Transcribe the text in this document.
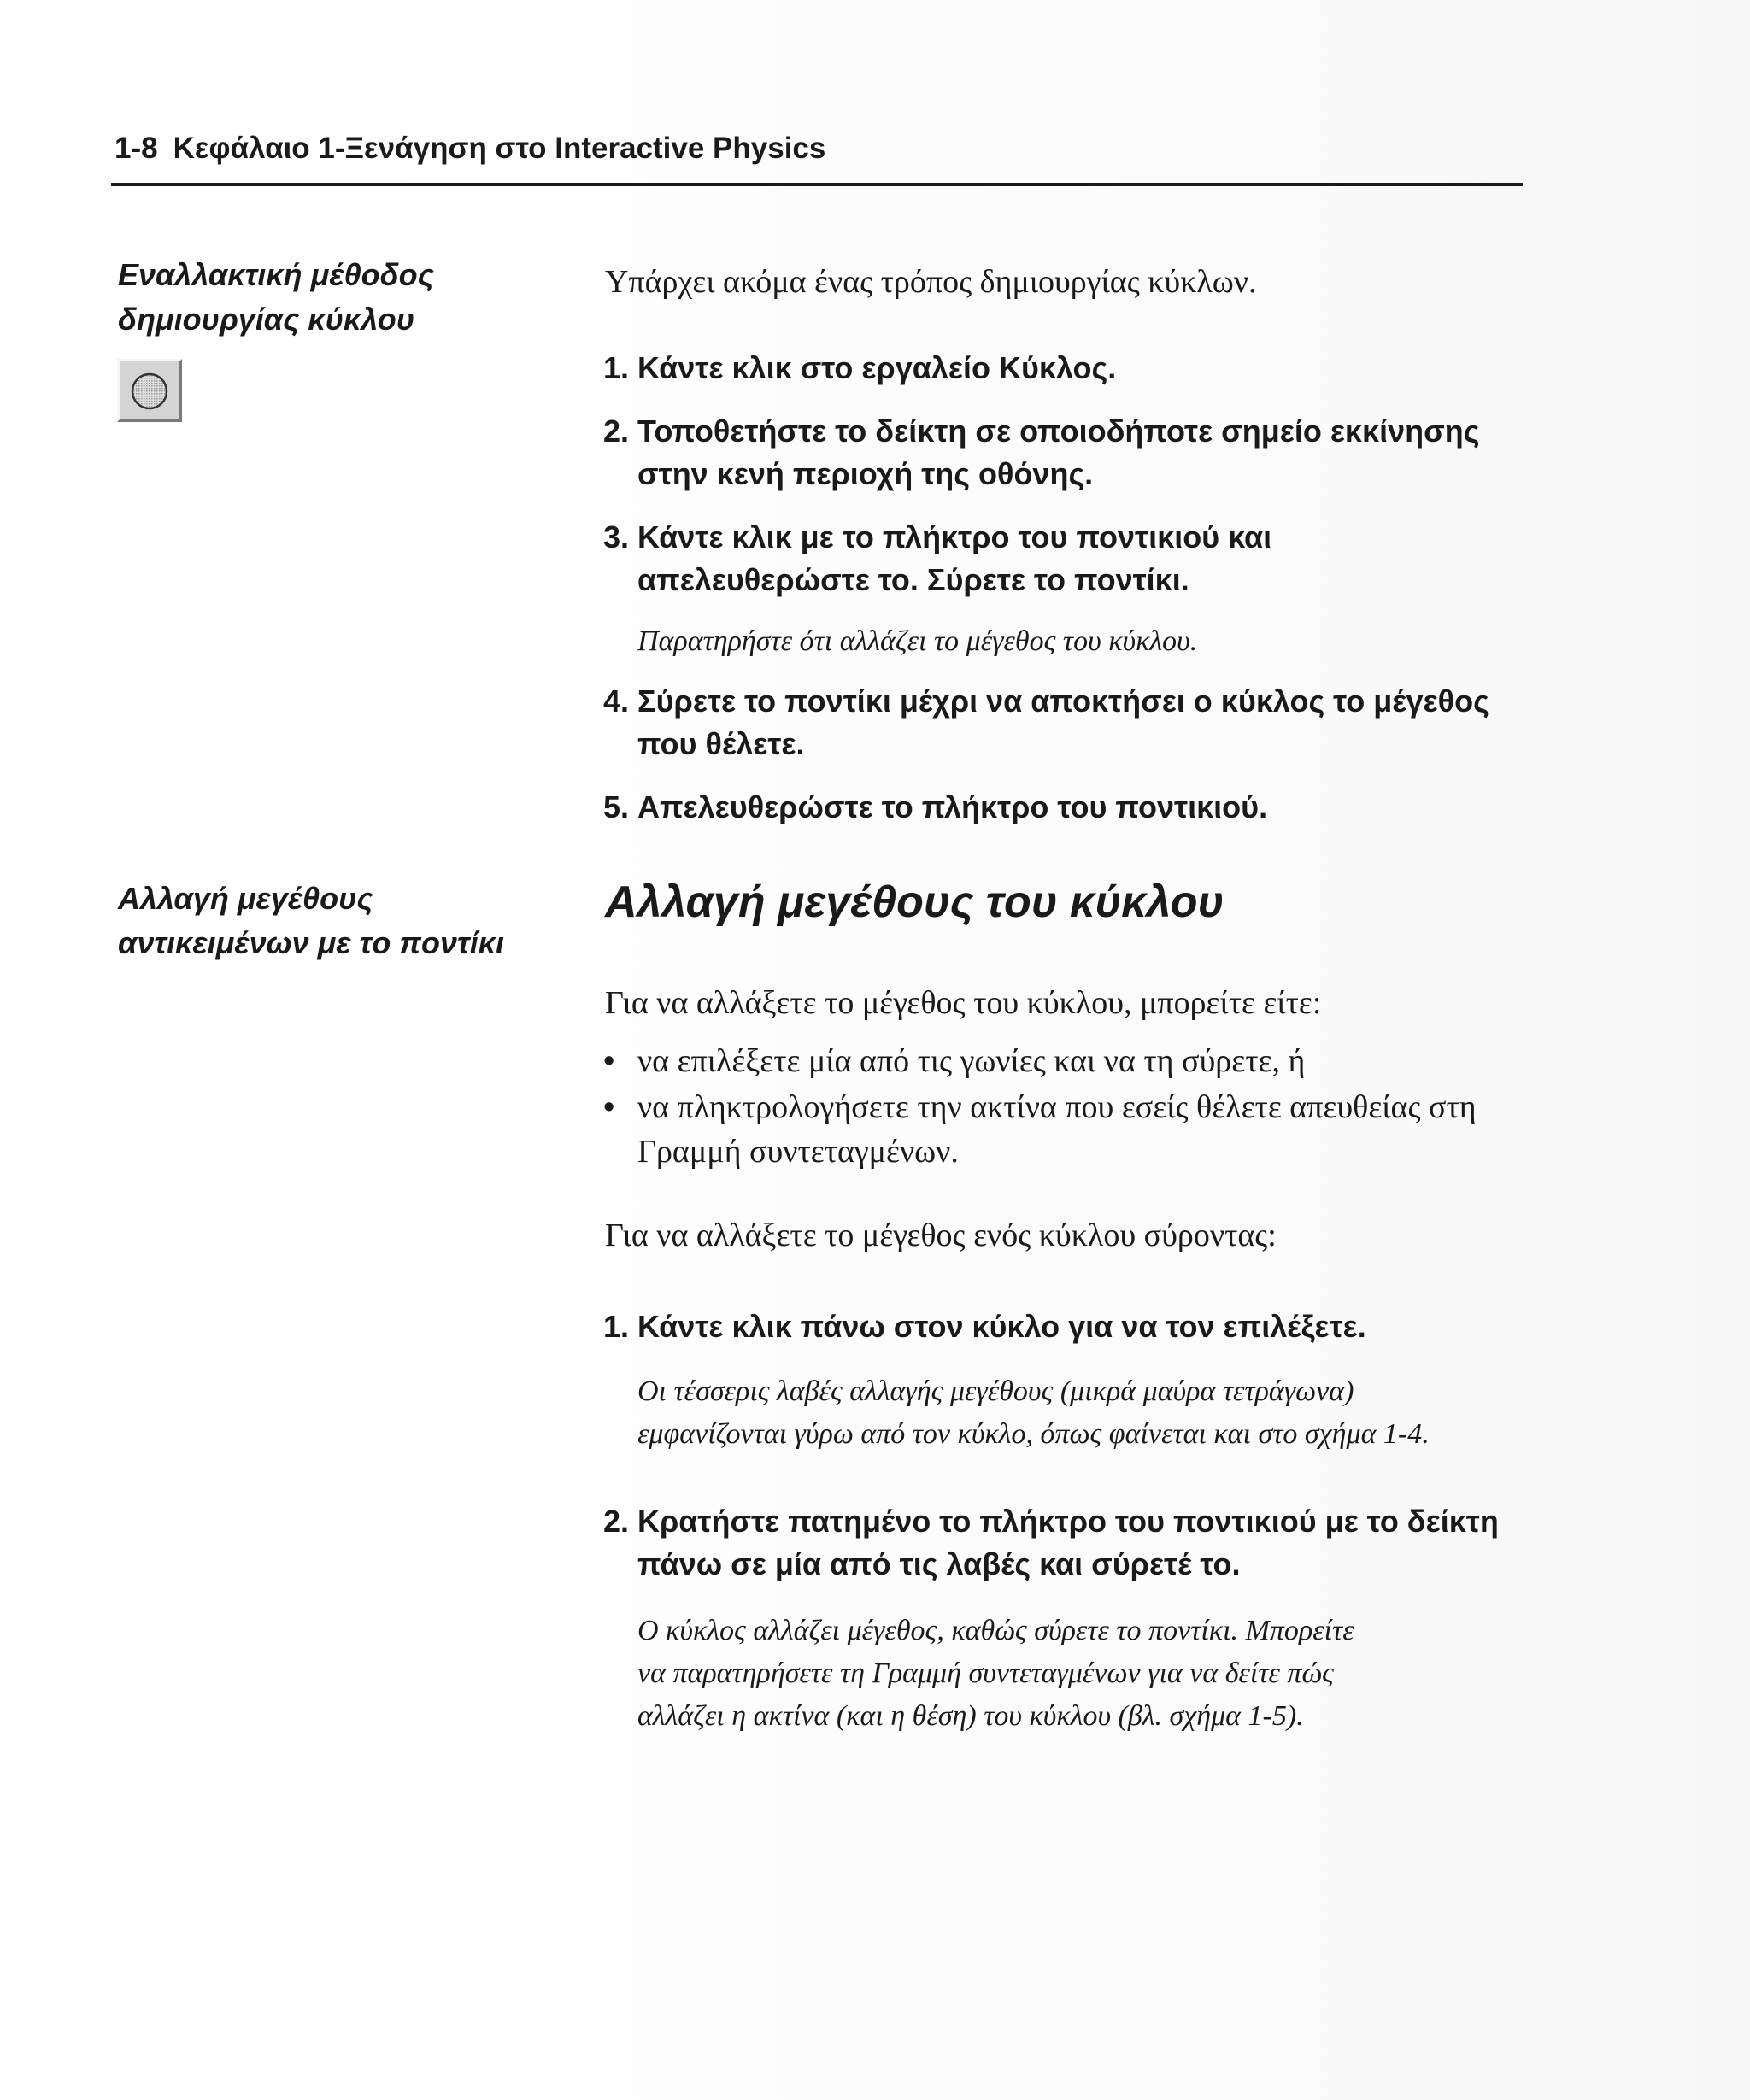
1-8 Κεφάλαιο 1-Ξενάγηση στο Interactive Physics
Εναλλακτική μέθοδος
δημιουργίας κύκλου
Αλλαγή μεγέθους
αντικειμένων με το ποντίκι
Υπάρχει ακόμα ένας τρόπος δημιουργίας κύκλων.
1. Κάντε κλικ στο εργαλείο Κύκλος.
2. Τοποθετήστε το δείκτη σε οποιοδήποτε σημείο εκκίνησης
στην κενή περιοχή της οθόνης.
3. Κάντε κλικ με το πλήκτρο του ποντικιού και
απελευθερώστε το. Σύρετε το ποντίκι.
Παρατηρήστε ότι αλλάζει το μέγεθος του κύκλου.
4. Σύρετε το ποντίκι μέχρι να αποκτήσει ο κύκλος το μέγεθος
που θέλετε.
5. Απελευθερώστε το πλήκτρο του ποντικιού.
Αλλαγή μεγέθους του κύκλου
Για να αλλάξετε το μέγεθος του κύκλου, μπορείτε είτε:
• να επιλέξετε μία από τις γωνίες και να τη σύρετε, ή
• να πληκτρολογήσετε την ακτίνα που εσείς θέλετε απευθείας στη
Γραμμή συντεταγμένων.
Για να αλλάξετε το μέγεθος ενός κύκλου σύροντας:
1. Κάντε κλικ πάνω στον κύκλο για να τον επιλέξετε.
Οι τέσσερις λαβές αλλαγής μεγέθους (μικρά μαύρα τετράγωνα)
εμφανίζονται γύρω από τον κύκλο, όπως φαίνεται και στο σχήμα 1-4.
2. Κρατήστε πατημένο το πλήκτρο του ποντικιού με το δείκτη
πάνω σε μία από τις λαβές και σύρετέ το.
Ο κύκλος αλλάζει μέγεθος, καθώς σύρετε το ποντίκι. Μπορείτε
να παρατηρήσετε τη Γραμμή συντεταγμένων για να δείτε πώς
αλλάζει η ακτίνα (και η θέση) του κύκλου (βλ. σχήμα 1-5).
